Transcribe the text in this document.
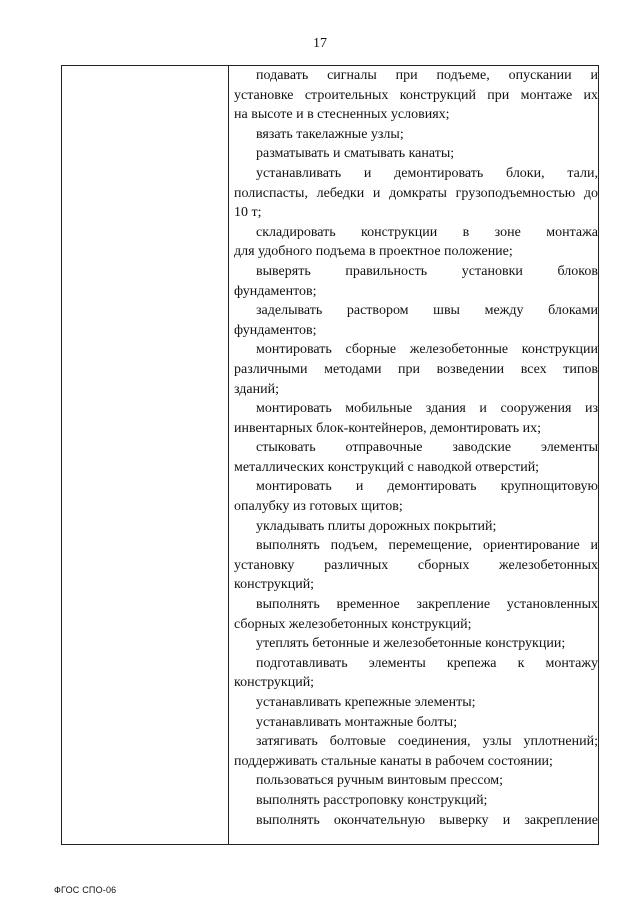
17
подавать сигналы при подъеме, опускании и
установке строительных конструкций при монтаже их
на высоте и в стесненных условиях;
вязать такелажные узлы;
разматывать и сматывать канаты;
устанавливать и демонтировать блоки, тали,
полиспасты, лебедки и домкраты грузоподъемностью до
10 т;
складировать конструкции в зоне монтажа
для удобного подъема в проектное положение;
выверять правильность установки блоков
фундаментов;
заделывать раствором швы между блоками
фундаментов;
монтировать сборные железобетонные конструкции
различными методами при возведении всех типов
зданий;
монтировать мобильные здания и сооружения из
инвентарных блок-контейнеров, демонтировать их;
стыковать отправочные заводские элементы
металлических конструкций с наводкой отверстий;
монтировать и демонтировать крупнощитовую
опалубку из готовых щитов;
укладывать плиты дорожных покрытий;
выполнять подъем, перемещение, ориентирование и
установку различных сборных железобетонных
конструкций;
выполнять временное закрепление установленных
сборных железобетонных конструкций;
утеплять бетонные и железобетонные конструкции;
подготавливать элементы крепежа к монтажу
конструкций;
устанавливать крепежные элементы;
устанавливать монтажные болты;
затягивать болтовые соединения, узлы уплотнений;
поддерживать стальные канаты в рабочем состоянии;
пользоваться ручным винтовым прессом;
выполнять расстроповку конструкций;
выполнять окончательную выверку и закрепление
ФГОС СПО-06
